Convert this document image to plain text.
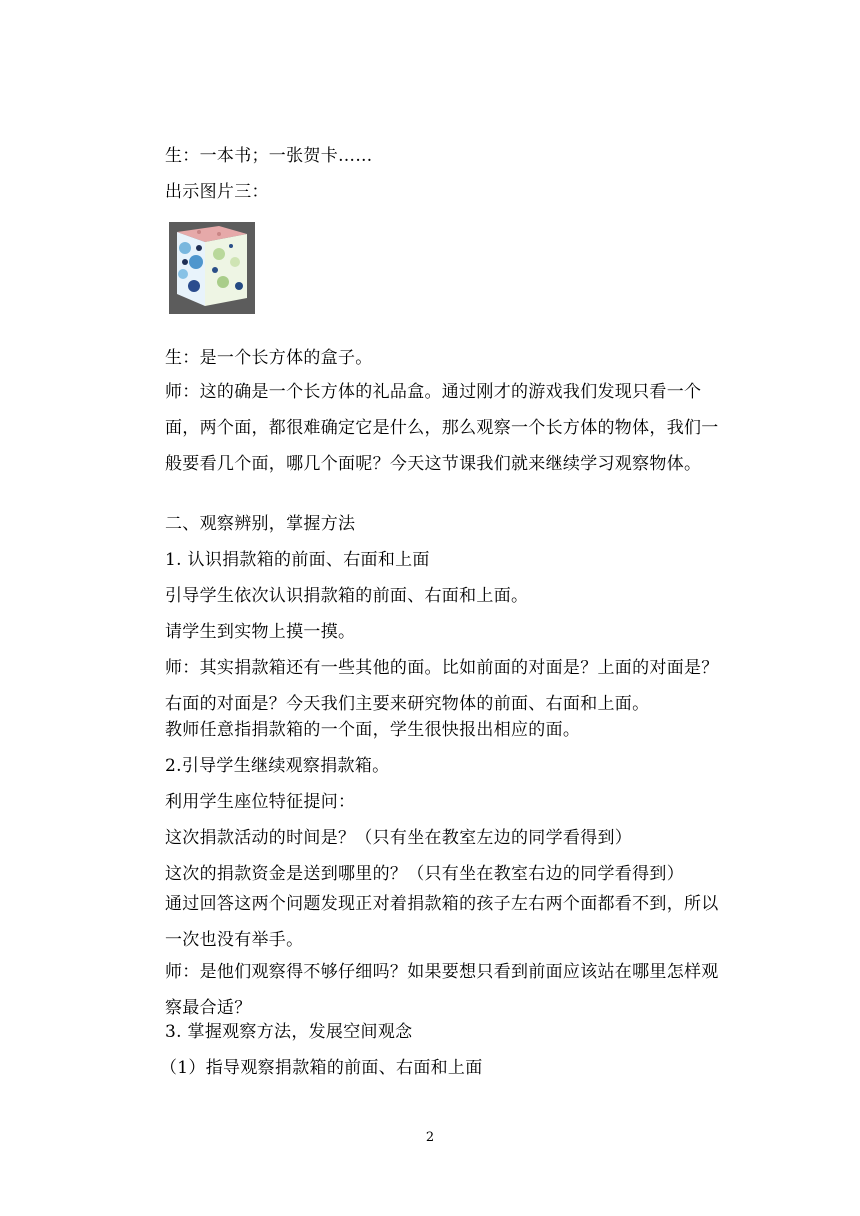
生：一本书；一张贺卡……
出示图片三：
生：是一个长方体的盒子。
师：这的确是一个长方体的礼品盒。通过刚才的游戏我们发现只看一个面，两个面，都很难确定它是什么，那么观察一个长方体的物体，我们一般要看几个面，哪几个面呢？今天这节课我们就来继续学习观察物体。
二、观察辨别，掌握方法
1. 认识捐款箱的前面、右面和上面
引导学生依次认识捐款箱的前面、右面和上面。
请学生到实物上摸一摸。
师：其实捐款箱还有一些其他的面。比如前面的对面是？上面的对面是？右面的对面是？今天我们主要来研究物体的前面、右面和上面。
教师任意指捐款箱的一个面，学生很快报出相应的面。
2.引导学生继续观察捐款箱。
利用学生座位特征提问：
这次捐款活动的时间是？（只有坐在教室左边的同学看得到）
这次的捐款资金是送到哪里的？（只有坐在教室右边的同学看得到）
通过回答这两个问题发现正对着捐款箱的孩子左右两个面都看不到，所以一次也没有举手。
师：是他们观察得不够仔细吗？如果要想只看到前面应该站在哪里怎样观察最合适？
3. 掌握观察方法，发展空间观念
（1）指导观察捐款箱的前面、右面和上面
2
